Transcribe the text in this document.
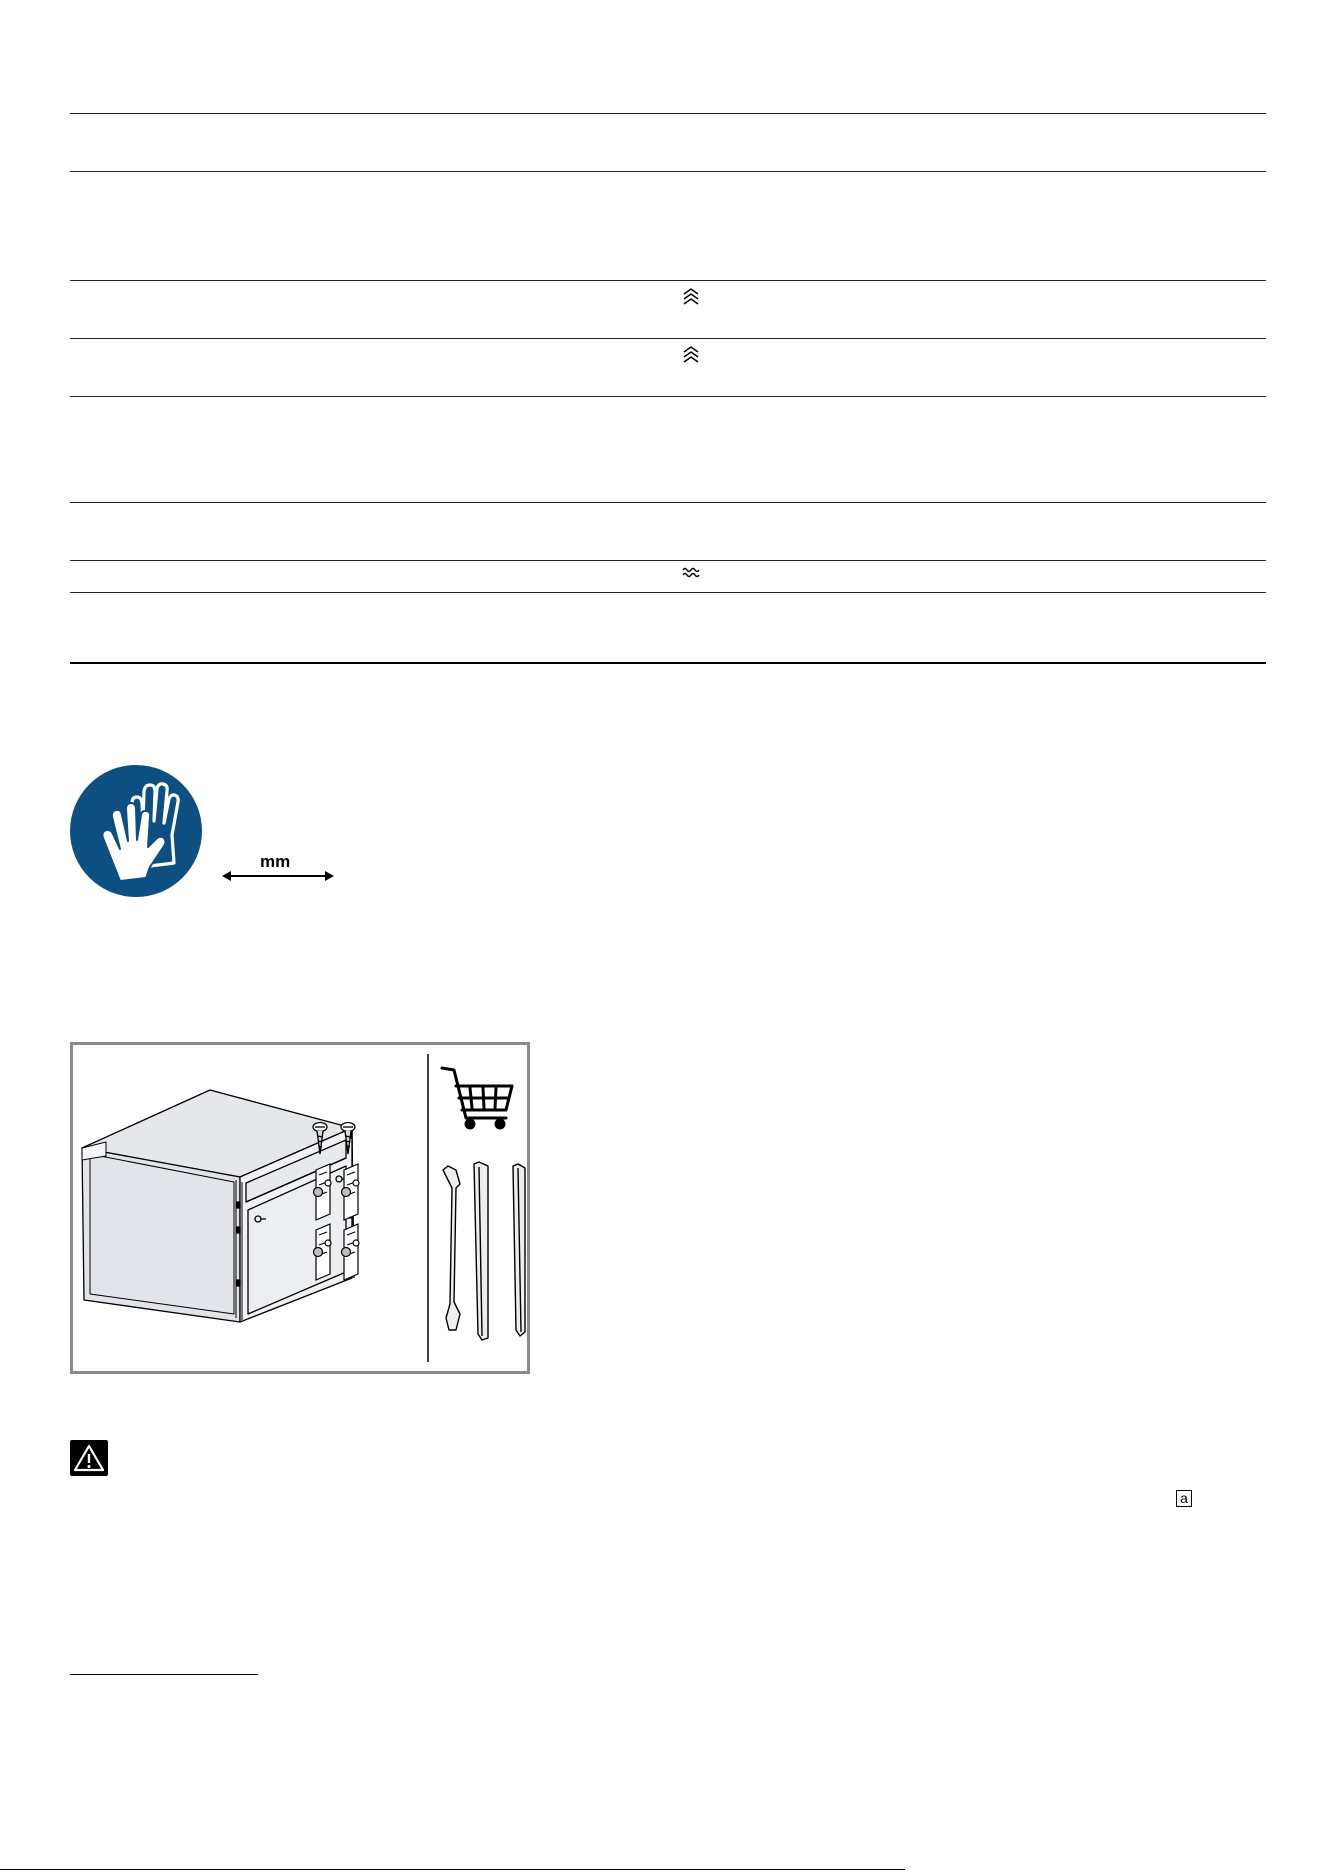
mm
a
